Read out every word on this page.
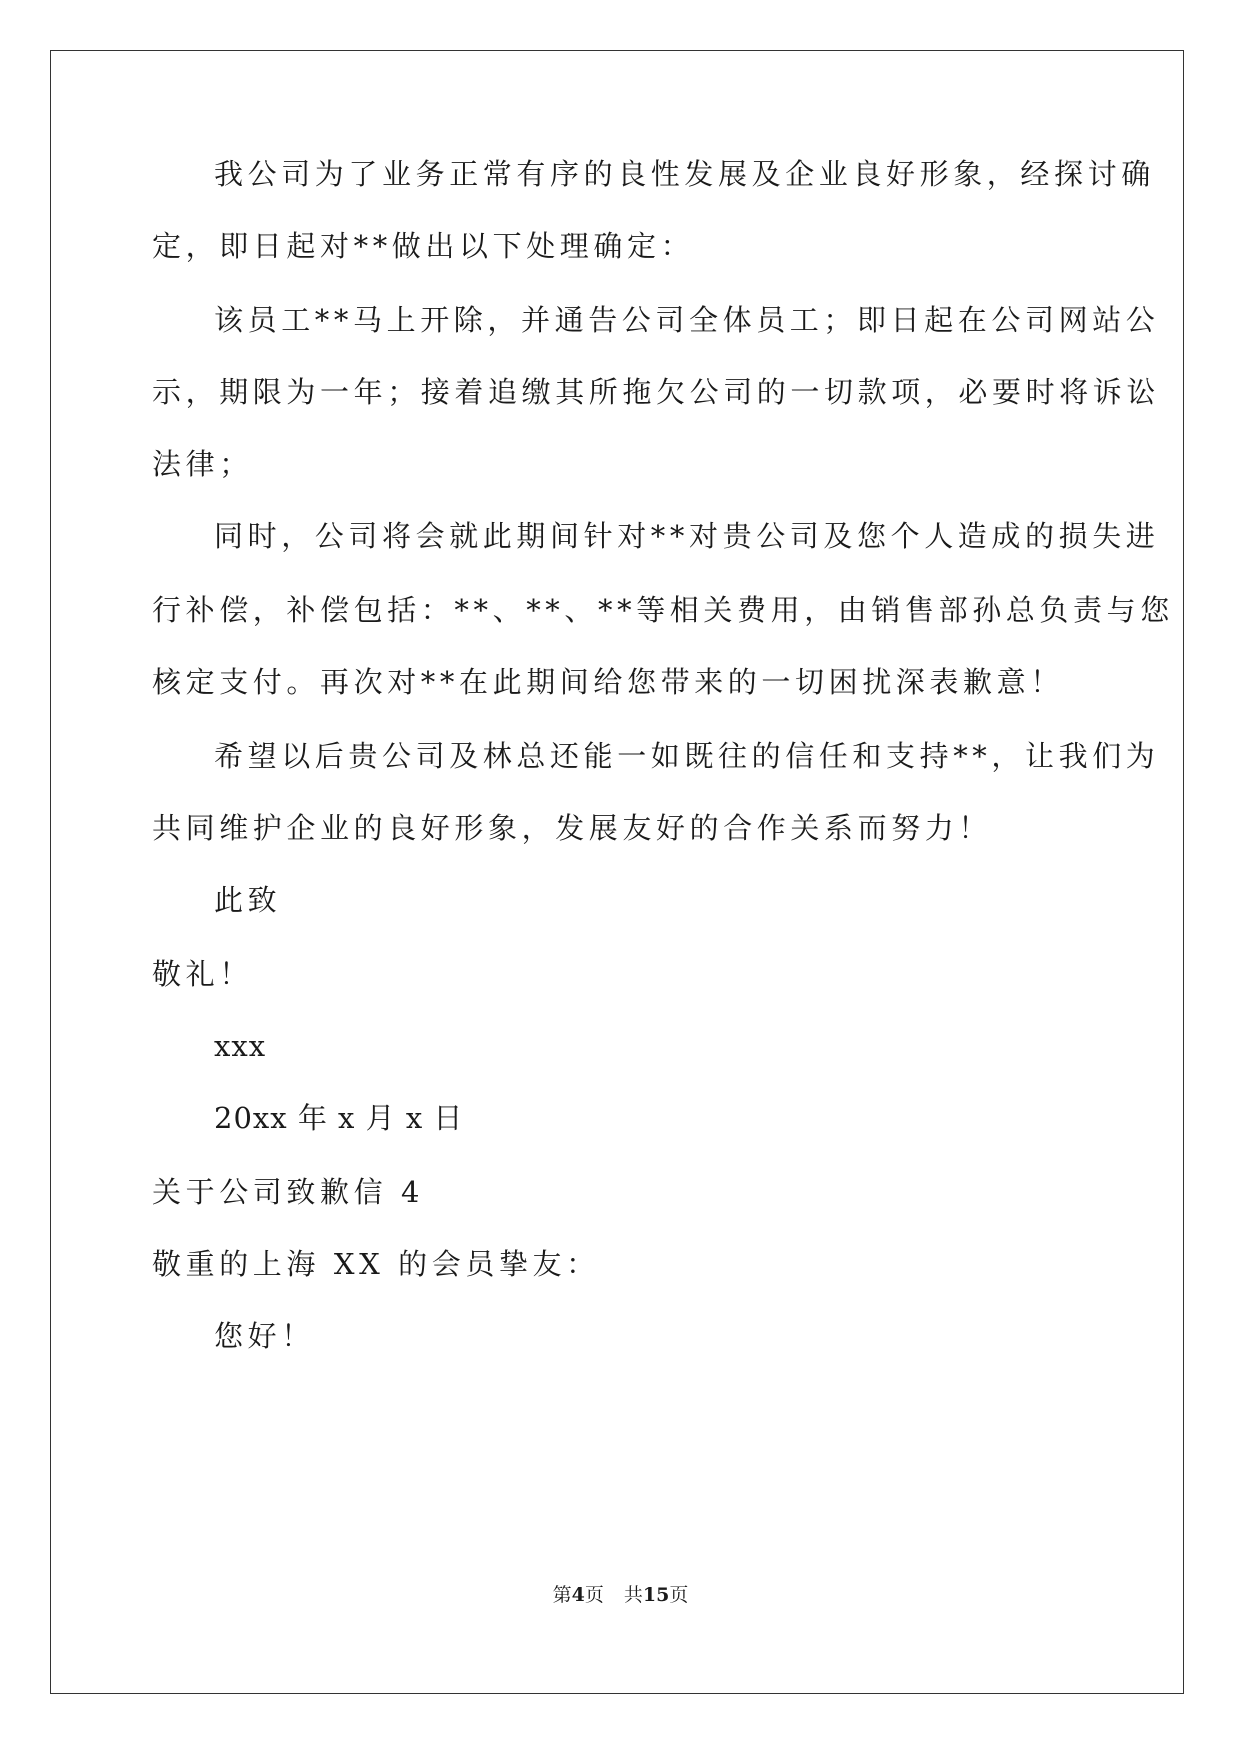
我公司为了业务正常有序的良性发展及企业良好形象，经探讨确
定，即日起对**做出以下处理确定：
该员工**马上开除，并通告公司全体员工；即日起在公司网站公
示，期限为一年；接着追缴其所拖欠公司的一切款项，必要时将诉讼
法律；
同时，公司将会就此期间针对**对贵公司及您个人造成的损失进
行补偿，补偿包括：**、**、**等相关费用，由销售部孙总负责与您
核定支付。再次对**在此期间给您带来的一切困扰深表歉意！
希望以后贵公司及林总还能一如既往的信任和支持**，让我们为
共同维护企业的良好形象，发展友好的合作关系而努力！
此致
敬礼！
xxx
20xx 年 x 月 x 日
关于公司致歉信 4
敬重的上海 XX 的会员挚友：
您好！
第4页 共15页
